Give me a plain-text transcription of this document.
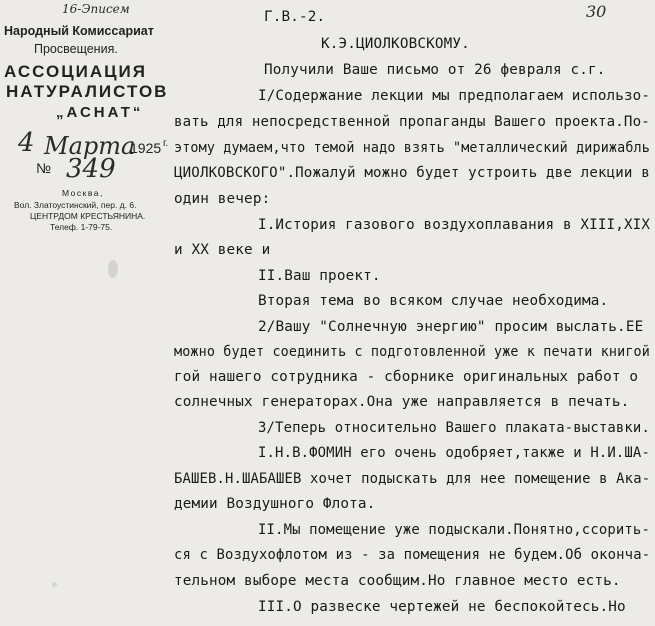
16-Эписем	30
Народный Комиссариат
Просвещения.
АССОЦИАЦИЯ
НАТУРАЛИСТОВ
„АСНАТ“
4 Марта
1925 г.
№ 349
Москва,
Вол. Златоустинский, пер. д. 6.
ЦЕНТРДОМ КРЕСТЬЯНИНА.
Телеф. 1-79-75.
Г.В.-2.
К.Э.ЦИОЛКОВСКОМУ.
Получили Ваше письмо от 26 февраля с.г.
I/Содержание лекции мы предполагаем использо-
вать для непосредственной пропаганды Вашего проекта.По-
этому думаем,что темой надо взять "металлический дирижабль
ЦИОЛКОВСКОГО".Пожалуй можно будет устроить две лекции в
один вечер:
I.История газового воздухоплавания в XIII,XIX
и XX веке и
II.Ваш проект.
Вторая тема во всяком случае необходима.
2/Вашу "Солнечную энергию" просим выслать.ЕЕ
можно будет соединить с подготовленной уже к печати книгой
гой нашего сотрудника - сборнике оригинальных работ о
солнечных генераторах.Она уже направляется в печать.
3/Теперь относительно Вашего плаката-выставки.
I.Н.В.ФОМИН его очень одобряет,также и Н.И.ША-
БАШЕВ.Н.ШАБАШЕВ хочет подыскать для нее помещение в Ака-
демии Воздушного Флота.
II.Мы помещение уже подыскали.Понятно,ссорить-
ся с Воздухофлотом из - за помещения не будем.Об оконча-
тельном выборе места сообщим.Но главное место есть.
III.О развеске чертежей не беспокойтесь.Но
